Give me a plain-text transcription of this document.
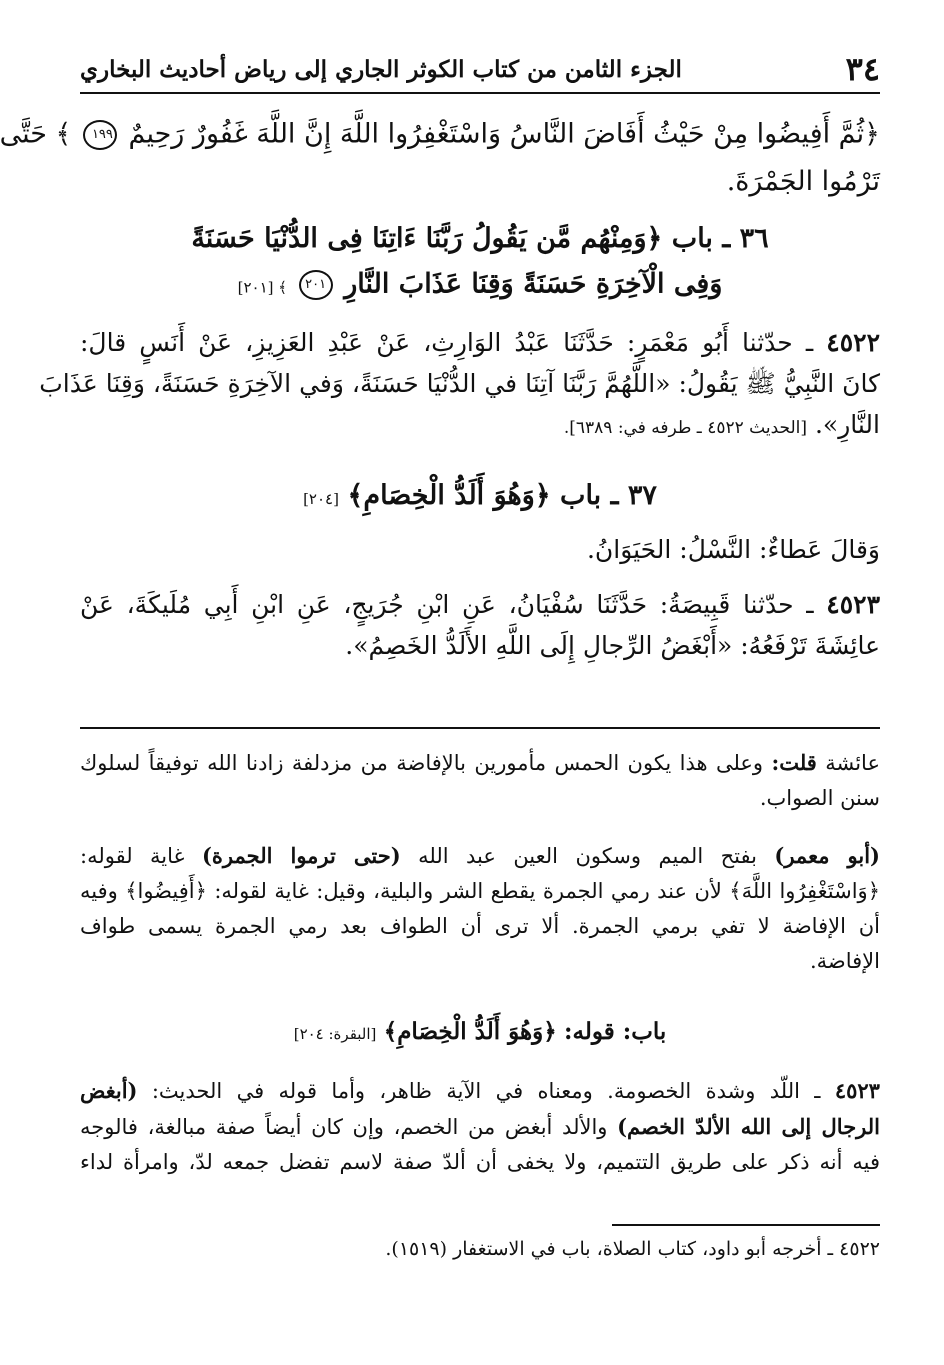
٣٤
الجزء الثامن من كتاب الكوثر الجاري إلى رياض أحاديث البخاري
﴿ثُمَّ أَفِيضُوا مِنْ حَيْثُ أَفَاضَ النَّاسُ وَاسْتَغْفِرُوا اللَّهَ إِنَّ اللَّهَ غَفُورٌ رَحِيمٌ ١٩٩ ﴾ حَتَّى
تَرْمُوا الجَمْرَةَ.
٣٦ ـ باب ﴿وَمِنْهُم مَّن يَقُولُ رَبَّنَا ءَاتِنَا فِى الدُّنْيَا حَسَنَةً
وَفِى الْآخِرَةِ حَسَنَةً وَقِنَا عَذَابَ النَّارِ ٢٠١ ﴾ [٢٠١]
٤٥٢٢ ـ حدّثنا أَبُو مَعْمَرٍ: حَدَّثَنَا عَبْدُ الوَارِثِ، عَنْ عَبْدِ العَزِيزِ، عَنْ أَنَسٍ قالَ:
كانَ النَّبِيُّ ﷺ يَقُولُ: «اللَّهُمَّ رَبَّنَا آتِنَا في الدُّنْيَا حَسَنَةً، وَفي الآخِرَةِ حَسَنَةً، وَقِنَا عَذَابَ
النَّارِ». [الحديث ٤٥٢٢ ـ طرفه في: ٦٣٨٩].
٣٧ ـ باب ﴿وَهُوَ أَلَدُّ الْخِصَامِ﴾ [٢٠٤]
وَقالَ عَطاءٌ: النَّسْلُ: الحَيَوَانُ.
٤٥٢٣ ـ حدّثنا قَبِيصَةُ: حَدَّثَنَا سُفْيَانُ، عَنِ ابْنِ جُرَيجٍ، عَنِ ابْنِ أَبِي مُلَيكَةَ، عَنْ
عائِشَةَ تَرْفَعُهُ: «أَبْغَضُ الرِّجالِ إِلَى اللَّهِ الأَلَدُّ الخَصِمُ».
عائشة قلت: وعلى هذا يكون الحمس مأمورين بالإفاضة من مزدلفة زادنا الله توفيقاً لسلوك
سنن الصواب.
(أبو معمر) بفتح الميم وسكون العين عبد الله (حتى ترموا الجمرة) غاية لقوله:
﴿وَاسْتَغْفِرُوا اللَّهَ﴾ لأن عند رمي الجمرة يقطع الشر والبلية، وقيل: غاية لقوله: ﴿أَفِيضُوا﴾ وفيه
أن الإفاضة لا تفي برمي الجمرة. ألا ترى أن الطواف بعد رمي الجمرة يسمى طواف
الإفاضة.
باب: قوله: ﴿وَهُوَ أَلَدُّ الْخِصَامِ﴾ [البقرة: ٢٠٤]
٤٥٢٣ ـ اللّد وشدة الخصومة. ومعناه في الآية ظاهر، وأما قوله في الحديث: (أبغض
الرجال إلى الله الألدّ الخصم) والألد أبغض من الخصم، وإن كان أيضاً صفة مبالغة، فالوجه
فيه أنه ذكر على طريق التتميم، ولا يخفى أن ألدّ صفة لاسم تفضل جمعه لدّ، وامرأة لداء
٤٥٢٢ ـ أخرجه أبو داود، كتاب الصلاة، باب في الاستغفار (١٥١٩).
